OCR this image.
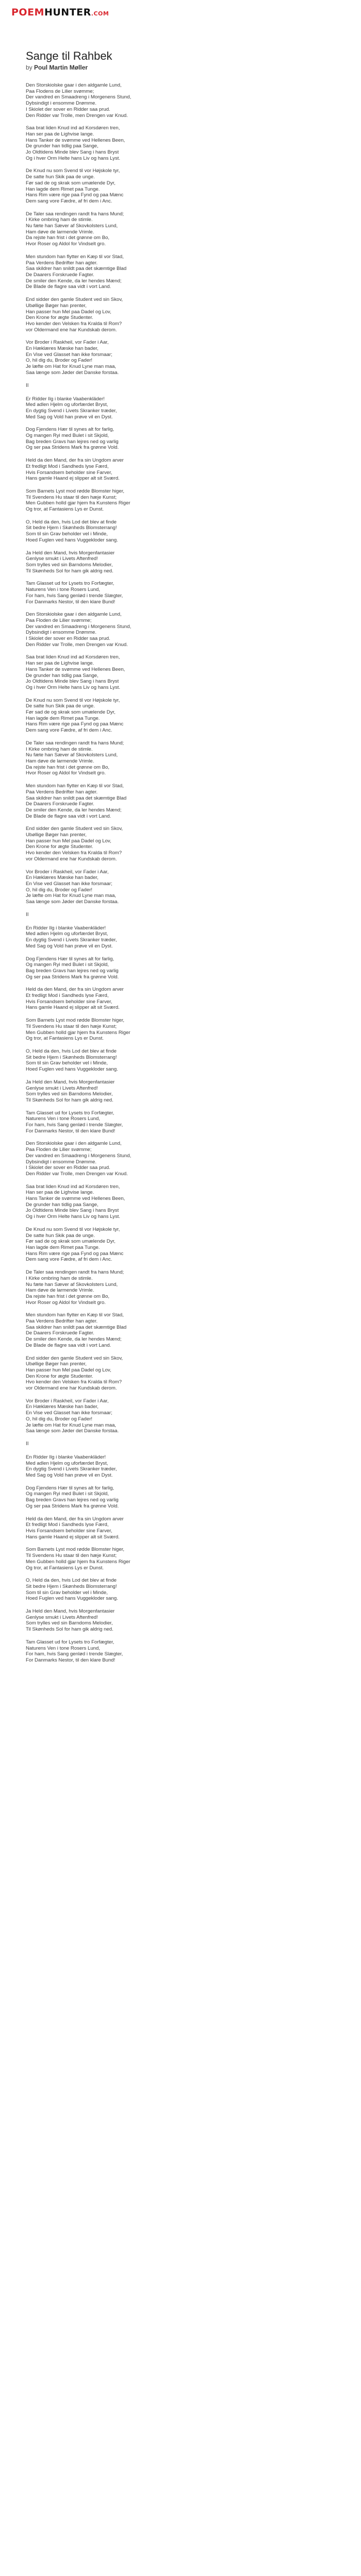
POEMHUNTER.COM
Sange til Rahbek
by Poul Martin Møller
Den Storskiolske gaar i den aldgamle Lund,
Paa Flodens de Lilier svømme;
Der vandred en Smaadreng i Morgenens Stund,
Dybsindigt i ensomme Drømme.
I Skiolet der sover en Ridder saa prud.
Den Ridder var Trolle, men Drengen var Knud.
Saa brat liden Knud ind ad Korsdøren tren,
Han ser paa de Lighvise lange.
Hans Tanker de svømme ved Hellenes Been,
De grunder han tidlig paa Sange,
Jo Oldtidens Minde blev Sang i hans Bryst
Og i hver Orm Helte hans Liv og hans Lyst.
De Knud nu som Svend til vor Højskole tyr,
De satte hun Skik paa de unge.
Før sad de og skrak som umælende Dyr,
Han lagde dem Rimet paa Tunge.
Hans Rim være rige paa Fynd og paa Mænc
Dem sang vore Fædre, af fri dem i Anc.
De Taler saa rendingen randt fra hans Mund;
I Kirke ombring ham de stimle.
Nu fæte han Sæver af Skovkolsters Lund,
Ham døve de larmende Vrimle.
Da rejste han frist i det grønne om Bo,
Hvor Roser og Aldol for Vindselt gro.
Men stundom han flytter en Kæp til vor Stad,
Paa Verdens Bedrifter han agter.
Saa skildrer han snildt paa det skæmtige Blad
De Daarers Forskruede Fagter.
De smiler den Kende, da ler hendes Mænd;
De Blade de flagre saa vidt i vort Land.
End sidder den gamle Student ved sin Skov,
Ubøllige Bøger han prenter,
Han passer hun Mel paa Dadel og Lov,
Den Krone for ægte Studenter.
Hvo kender den Velsken fra Kralda til Rom?
vor Oldermand ene har Kundskab derom.
Vor Broder i Raskheil, vor Fader i Aar,
En Hæklæres Mæske han bader,
En Vise ved Glasset han ikke forsmaar;
O, hil dig du, Broder og Fader!
Je læfte om Hat for Knud Lyne man maa,
Saa længe som Jøder det Danske forstaa.
II
Er Ridder Ilg i blanke Vaabenkläder!
Med adlen Hjelm og uforfærdet Bryst,
En dygtig Svend i Livets Skranker træder,
Med Sag og Vold han prøve vil en Dyst.
Dog Fjendens Hær til synes alt for farlig,
Og mangen Ryi med Bulet i sit Skjold,
Bag breden Gravs han lejres ned og varlig
Og ser paa Stridens Mark fra grønne Vold.
Held da den Mand, der fra sin Ungdom arver
Et fredligt Mod i Sandheds lyse Færd,
Hvis Forsandsem beholder sine Farver,
Hans gamle Haand ej slipper alt sit Sværd.
Som Barnets Lyst mod rødde Blomster higer,
Til Svendens Hu staar til den hæje Kunst;
Men Gubben holld gjar hjem fra Kunstens Riger
Og tror, at Fantasiens Lys er Dunst.
O, Held da den, hvis Lod det blev at finde
Sit bedre Hjem i Skønheds Blomsterrang!
Som til sin Grav beholder vel i Minde,
Hoed Fuglen ved hans Vuggekloder sang.
Ja Held den Mand, hvis Morgenfantasier
Genlyse smukt i Livets Aftenfred!
Som trylles ved sin Barndoms Melodier,
Til Skønheds Sol for ham gik aldrig ned.
Tam Glasset ud for Lysets tro Forfægter,
Naturens Ven i tone Rosers Lund,
For ham, hvis Sang genlød i trende Slægter,
For Danmarks Nestor, til den klare Bund!
Den Storskiolske gaar i den aldgamle Lund,
Paa Floden de Lilier svømme;
Der vandred en Smaadreng i Morgenens Stund,
Dybsindigt i ensomme Drømme.
I Skiolet der sover en Ridder saa prud.
Den Ridder var Trolle, men Drengen var Knud.
Saa brat liden Knud ind ad Korsdøren tren,
Han ser paa de Lighvise lange.
Hans Tanker de svømme ved Hellenes Been,
De grunder han tidlig paa Sange,
Jo Oldtidens Minde blev Sang i hans Bryst
Og i hver Orm Helte hans Liv og hans Lyst.
De Knud nu som Svend til vor Højskole tyr,
De satte hun Skik paa de unge.
Før sad de og skrak som umælende Dyr,
Han lagde dem Rimet paa Tunge.
Hans Rim være rige paa Fynd og paa Mænc
Dem sang vore Fædre, af fri dem i Anc.
De Taler saa rendingen randt fra hans Mund;
I Kirke ombring ham de stimle.
Nu fæte han Sæver af Skovkolsters Lund,
Ham døve de larmende Vrimle.
Da rejste han frist i det grønne om Bo,
Hvor Roser og Aldol for Vindselt gro.
Men stundom han flytter en Kæp til vor Stad,
Paa Verdens Bedrifter han agter.
Saa skildrer han snildt paa det skæmtige Blad
De Daarers Forskruede Fagter.
De smiler den Kende, da ler hendes Mænd;
De Blade de flagre saa vidt i vort Land.
End sidder den gamle Student ved sin Skov,
Ubøllige Bøger han prenter,
Han passer hun Mel paa Dadel og Lov,
Den Krone for ægte Studenter.
Hvo kender den Velsken fra Kralda til Rom?
vor Oldermand ene har Kundskab derom.
Vor Broder i Raskheil, vor Fader i Aar,
En Hæklæres Mæske han bader,
En Vise ved Glasset han ikke forsmaar;
O, hil dig du, Broder og Fader!
Je læfte om Hat for Knud Lyne man maa,
Saa længe som Jøder det Danske forstaa.
II
En Ridder Ilg i blanke Vaabenkläder!
Med adlen Hjelm og uforfærdet Bryst,
En dygtig Svend i Livets Skranker træder,
Med Sag og Vold han prøve vil en Dyst.
Dog Fjendens Hær til synes alt for farlig,
Og mangen Ryi med Bulet i sit Skjold,
Bag breden Gravs han lejres ned og varlig
Og ser paa Stridens Mark fra grønne Vold.
Held da den Mand, der fra sin Ungdom arver
Et fredligt Mod i Sandheds lyse Færd,
Hvis Forsandsem beholder sine Farver,
Hans gamle Haand ej slipper alt sit Sværd.
Som Barnets Lyst mod rødde Blomster higer,
Til Svendens Hu staar til den hæje Kunst;
Men Gubben holld gjar hjem fra Kunstens Riger
Og tror, at Fantasiens Lys er Dunst.
O, Held da den, hvis Lod det blev at finde
Sit bedre Hjem i Skønheds Blomsterrang!
Som til sin Grav beholder vel i Minde,
Hoed Fuglen ved hans Vuggekloder sang.
Ja Held den Mand, hvis Morgenfantasier
Genlyse smukt i Livets Aftenfred!
Som trylles ved sin Barndoms Melodier,
Til Skønheds Sol for ham gik aldrig ned.
Tam Glasset ud for Lysets tro Forfægter,
Naturens Ven i tone Rosers Lund,
For ham, hvis Sang genlød i trende Slægter,
For Danmarks Nestor, til den klare Bund!
Den Storskiolske gaar i den aldgamle Lund,
Paa Floden de Lilier svømme;
Der vandred en Smaadreng i Morgenens Stund,
Dybsindigt i ensomme Drømme.
I Skiolet der sover en Ridder saa prud.
Den Ridder var Trolle, men Drengen var Knud.
Saa brat liden Knud ind ad Korsdøren tren,
Han ser paa de Lighvise lange.
Hans Tanker de svømme ved Hellenes Been,
De grunder han tidlig paa Sange,
Jo Oldtidens Minde blev Sang i hans Bryst
Og i hver Orm Helte hans Liv og hans Lyst.
De Knud nu som Svend til vor Højskole tyr,
De satte hun Skik paa de unge.
Før sad de og skrak som umælende Dyr,
Han lagde dem Rimet paa Tunge.
Hans Rim være rige paa Fynd og paa Mænc
Dem sang vore Fædre, af fri dem i Anc.
De Taler saa rendingen randt fra hans Mund;
I Kirke ombring ham de stimle.
Nu fæte han Sæver af Skovkolsters Lund,
Ham døve de larmende Vrimle.
Da rejste han frist i det grønne om Bo,
Hvor Roser og Aldol for Vindselt gro.
Men stundom han flytter en Kæp til vor Stad,
Paa Verdens Bedrifter han agter.
Saa skildrer han snildt paa det skæmtige Blad
De Daarers Forskruede Fagter.
De smiler den Kende, da ler hendes Mænd;
De Blade de flagre saa vidt i vort Land.
End sidder den gamle Student ved sin Skov,
Ubøllige Bøger han prenter,
Han passer hun Mel paa Dadel og Lov,
Den Krone for ægte Studenter.
Hvo kender den Velsken fra Kralda til Rom?
vor Oldermand ene har Kundskab derom.
Vor Broder i Raskheil, vor Fader i Aar,
En Hæklæres Mæske han bader,
En Vise ved Glasset han ikke forsmaar;
O, hil dig du, Broder og Fader!
Je læfte om Hat for Knud Lyne man maa,
Saa længe som Jøder det Danske forstaa.
II
En Ridder Ilg i blanke Vaabenkläder!
Med adlen Hjelm og uforfærdet Bryst,
En dygtig Svend i Livets Skranker træder,
Med Sag og Vold han prøve vil en Dyst.
Dog Fjendens Hær til synes alt for farlig,
Og mangen Ryi med Bulet i sit Skjold,
Bag breden Gravs han lejres ned og varlig
Og ser paa Stridens Mark fra grønne Vold.
Held da den Mand, der fra sin Ungdom arver
Et fredligt Mod i Sandheds lyse Færd,
Hvis Forsandsem beholder sine Farver,
Hans gamle Haand ej slipper alt sit Sværd.
Som Barnets Lyst mod rødde Blomster higer,
Til Svendens Hu staar til den hæje Kunst;
Men Gubben holld gjar hjem fra Kunstens Riger
Og tror, at Fantasiens Lys er Dunst.
O, Held da den, hvis Lod det blev at finde
Sit bedre Hjem i Skønheds Blomsterrang!
Som til sin Grav beholder vel i Minde,
Hoed Fuglen ved hans Vuggekloder sang.
Ja Held den Mand, hvis Morgenfantasier
Genlyse smukt i Livets Aftenfred!
Som trylles ved sin Barndoms Melodier,
Til Skønheds Sol for ham gik aldrig ned.
Tam Glasset ud for Lysets tro Forfægter,
Naturens Ven i tone Rosers Lund,
For ham, hvis Sang genlød i trende Slægter,
For Danmarks Nestor, til den klare Bund!
